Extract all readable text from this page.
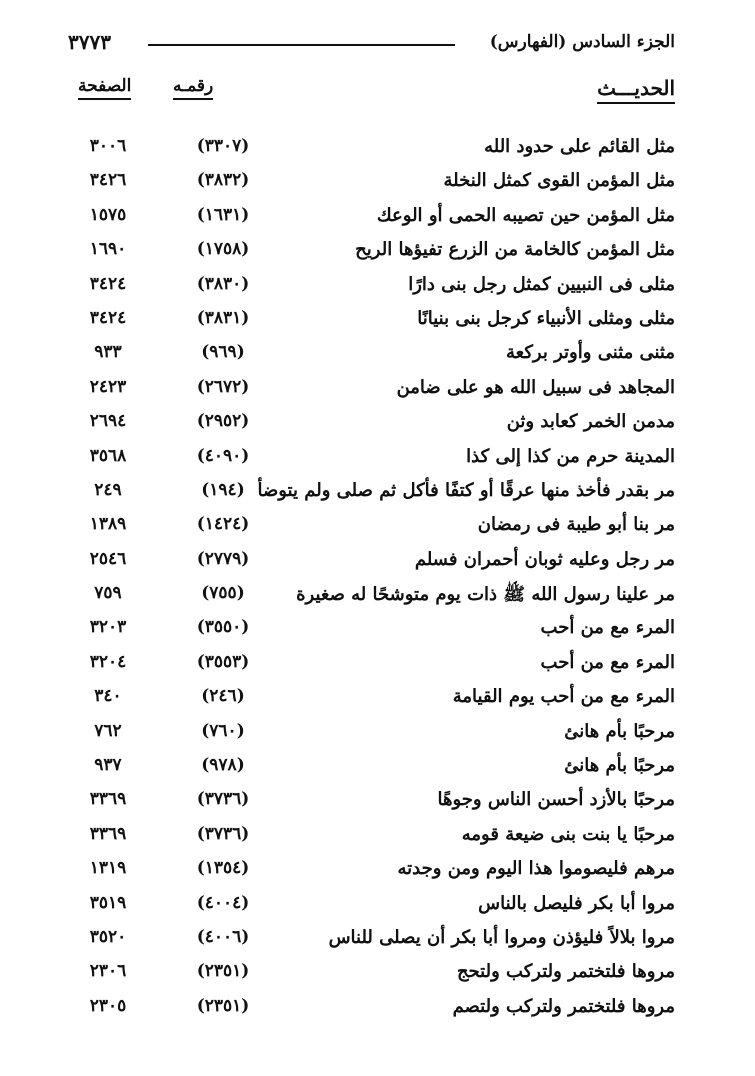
٣٧٧٣	الجزء السادس (الفهارس)
الحديـــث
رقمـه
الصفحة
مثل القائم على حدود الله
(٣٣٠٧)
٣٠٠٦
مثل المؤمن القوى كمثل النخلة
(٣٨٣٢)
٣٤٢٦
مثل المؤمن حين تصيبه الحمى أو الوعك
(١٦٣١)
١٥٧٥
مثل المؤمن كالخامة من الزرع تفيؤها الريح
(١٧٥٨)
١٦٩٠
مثلى فى النبيين كمثل رجل بنى دارًا
(٣٨٣٠)
٣٤٢٤
مثلى ومثلى الأنبياء كرجل بنى بنيانًا
(٣٨٣١)
٣٤٢٤
مثنى مثنى وأوتر بركعة
(٩٦٩)
٩٣٣
المجاهد فى سبيل الله هو على ضامن
(٢٦٧٢)
٢٤٢٣
مدمن الخمر كعابد وثن
(٢٩٥٢)
٢٦٩٤
المدينة حرم من كذا إلى كذا
(٤٠٩٠)
٣٥٦٨
مر بقدر فأخذ منها عرقًا أو كتفًا فأكل ثم صلى ولم يتوضأ
(١٩٤)
٢٤٩
مر بنا أبو طيبة فى رمضان
(١٤٢٤)
١٣٨٩
مر رجل وعليه ثوبان أحمران فسلم
(٢٧٧٩)
٢٥٤٦
مر علينا رسول الله ﷺ ذات يوم متوشحًا له صغيرة
(٧٥٥)
٧٥٩
المرء مع من أحب
(٣٥٥٠)
٣٢٠٣
المرء مع من أحب
(٣٥٥٣)
٣٢٠٤
المرء مع من أحب يوم القيامة
(٢٤٦)
٣٤٠
مرحبًا بأم هانئ
(٧٦٠)
٧٦٢
مرحبًا بأم هانئ
(٩٧٨)
٩٣٧
مرحبًا بالأزد أحسن الناس وجوهًا
(٣٧٣٦)
٣٣٦٩
مرحبًا يا بنت بنى ضيعة قومه
(٣٧٣٦)
٣٣٦٩
مرهم فليصوموا هذا اليوم ومن وجدته
(١٣٥٤)
١٣١٩
مروا أبا بكر فليصل بالناس
(٤٠٠٤)
٣٥١٩
مروا بلالاً فليؤذن ومروا أبا بكر أن يصلى للناس
(٤٠٠٦)
٣٥٢٠
مروها فلتختمر ولتركب ولتحج
(٢٣٥١)
٢٣٠٦
مروها فلتختمر ولتركب ولتصم
(٢٣٥١)
٢٣٠٥
